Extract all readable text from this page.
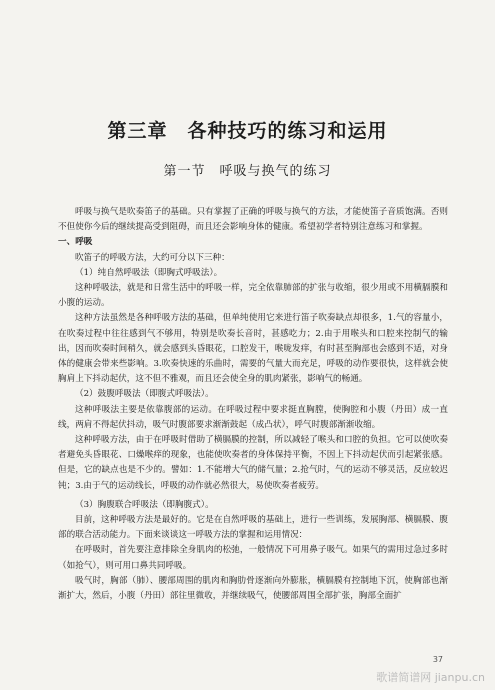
第三章　各种技巧的练习和运用
第一节　呼吸与换气的练习

呼吸与换气是吹奏笛子的基础。只有掌握了正确的呼吸与换气的方法，才能使笛子音质饱满。否则不但使你今后的继续提高受到阻碍，而且还会影响身体的健康。希望初学者特别注意练习和掌握。

一、呼吸

吹笛子的呼吸方法，大约可分以下三种：

（1）纯自然呼吸法（即胸式呼吸法）。

这种呼吸法，就是和日常生活中的呼吸一样，完全依靠肺部的扩张与收缩，很少用或不用横膈膜和小腹的运动。

这种方法虽然是各种呼吸方法的基础，但单纯使用它来进行笛子吹奏缺点却很多，1.气的容量小，在吹奏过程中往往感到气不够用，特别是吹奏长音时，甚感吃力；2.由于用喉头和口腔来控制气的输出，因而吹奏时间稍久，就会感到头昏眼花，口腔发干，喉咙发痒，有时甚至胸部也会感到不适，对身体的健康会带来些影响。3.吹奏快速的乐曲时，需要的气量大而充足，呼吸的动作要很快，这样就会使胸肩上下抖动起伏，这不但不雅观，而且还会使全身的肌肉紧张，影响气的畅通。

（2）鼓腹呼吸法（即腹式呼吸法）。

这种呼吸法主要是依靠腹部的运动。在呼吸过程中要求挺直胸膛，使胸腔和小腹（丹田）成一直线，两肩不得起伏抖动，吸气时腹部要求渐渐鼓起（成凸状），呼气时腹部渐渐收缩。

这种呼吸方法，由于在呼吸时借助了横膈膜的控制，所以减轻了喉头和口腔的负担。它可以使吹奏者避免头昏眼花、口燥喉痒的现象，也能使吹奏者的身体保持平衡，不因上下抖动起伏而引起紧张感。但是，它的缺点也是不少的。譬如：1.不能增大气的储气量；2.抢气时，气的运动不够灵活，反应较迟钝；3.由于气的运动线长，呼吸的动作就必然很大，易使吹奏者疲劳。

（3）胸腹联合呼吸法（即胸腹式）。

目前，这种呼吸方法是最好的。它是在自然呼吸的基础上，进行一些训练，发展胸部、横膈膜、腹部的联合活动能力。下面来谈谈这一呼吸方法的掌握和运用情况：

在呼吸时，首先要注意排除全身肌肉的松弛，一般情况下可用鼻子吸气。如果气的需用过急过多时（如抢气），则可用口鼻共同呼吸。

吸气时，胸部（肺）、腰部周围的肌肉和胸肋骨逐渐向外膨胀，横膈膜有控制地下沉，使胸部也渐渐扩大，然后，小腹（丹田）部往里微收，并继续吸气，使腰部周围全部扩张，胸部全面扩

37
歌谱简谱网 jianpu.cn
